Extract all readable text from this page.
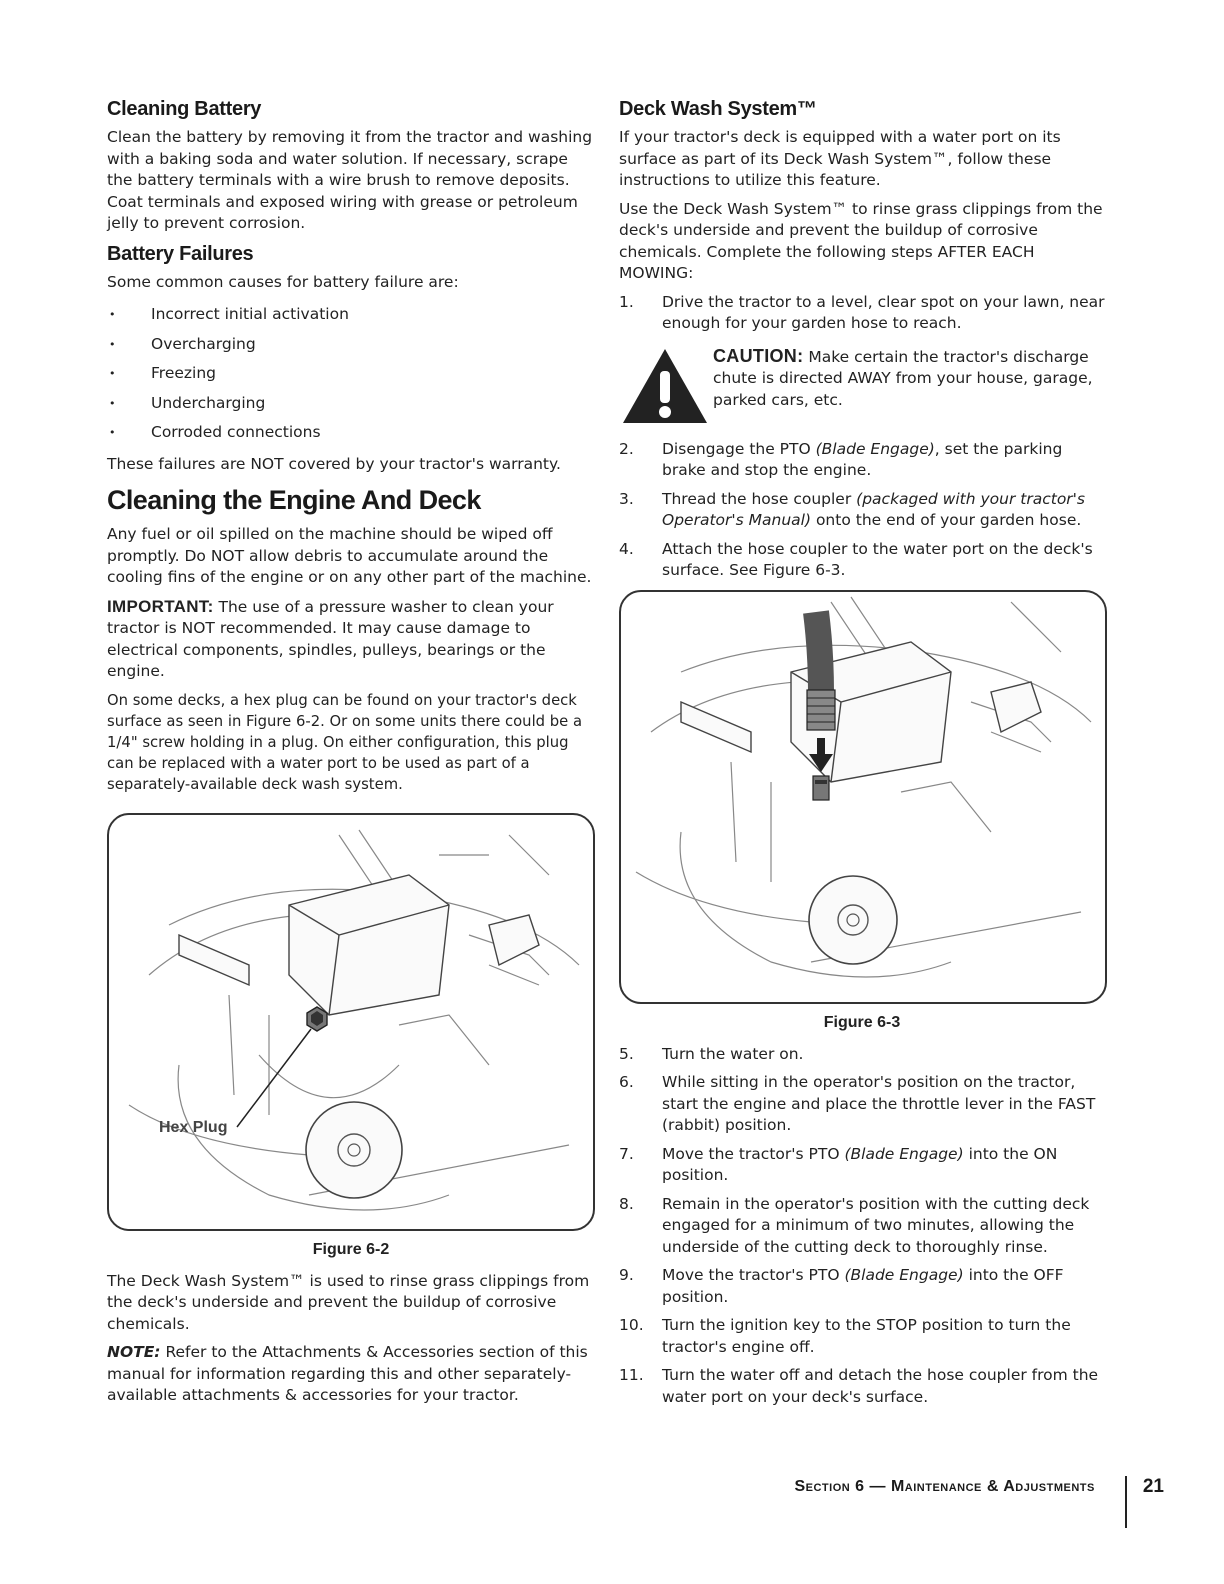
Cleaning Battery

Clean the battery by removing it from the tractor and washing with a baking soda and water solution. If necessary, scrape the battery terminals with a wire brush to remove deposits. Coat terminals and exposed wiring with grease or petroleum jelly to prevent corrosion.

Battery Failures

Some common causes for battery failure are:

• Incorrect initial activation
• Overcharging
• Freezing
• Undercharging
• Corroded connections

These failures are NOT covered by your tractor's warranty.

Cleaning the Engine And Deck

Any fuel or oil spilled on the machine should be wiped off promptly. Do NOT allow debris to accumulate around the cooling fins of the engine or on any other part of the machine.

IMPORTANT: The use of a pressure washer to clean your tractor is NOT recommended. It may cause damage to electrical components, spindles, pulleys, bearings or the engine.

On some decks, a hex plug can be found on your tractor's deck surface as seen in Figure 6-2. Or on some units there could be a 1/4" screw holding in a plug. On either configuration, this plug can be replaced with a water port to be used as part of a separately-available deck wash system.

Hex Plug
Figure 6-2

The Deck Wash System™ is used to rinse grass clippings from the deck's underside and prevent the buildup of corrosive chemicals.

NOTE: Refer to the Attachments & Accessories section of this manual for information regarding this and other separately-available attachments & accessories for your tractor.

Deck Wash System™

If your tractor's deck is equipped with a water port on its surface as part of its Deck Wash System™, follow these instructions to utilize this feature.

Use the Deck Wash System™ to rinse grass clippings from the deck's underside and prevent the buildup of corrosive chemicals. Complete the following steps AFTER EACH MOWING:

1.	Drive the tractor to a level, clear spot on your lawn, near enough for your garden hose to reach.
CAUTION: Make certain the tractor's discharge chute is directed AWAY from your house, garage, parked cars, etc.
2.	Disengage the PTO (Blade Engage), set the parking brake and stop the engine.
3.	Thread the hose coupler (packaged with your tractor's Operator's Manual) onto the end of your garden hose.
4.	Attach the hose coupler to the water port on the deck's surface. See Figure 6-3.
Figure 6-3
5.	Turn the water on.
6.	While sitting in the operator's position on the tractor, start the engine and place the throttle lever in the FAST (rabbit) position.
7.	Move the tractor's PTO (Blade Engage) into the ON position.
8.	Remain in the operator's position with the cutting deck engaged for a minimum of two minutes, allowing the underside of the cutting deck to thoroughly rinse.
9.	Move the tractor's PTO (Blade Engage) into the OFF position.
10.	Turn the ignition key to the STOP position to turn the tractor's engine off.
11.	Turn the water off and detach the hose coupler from the water port on your deck's surface.
Section 6 — Maintenance & Adjustments	21
